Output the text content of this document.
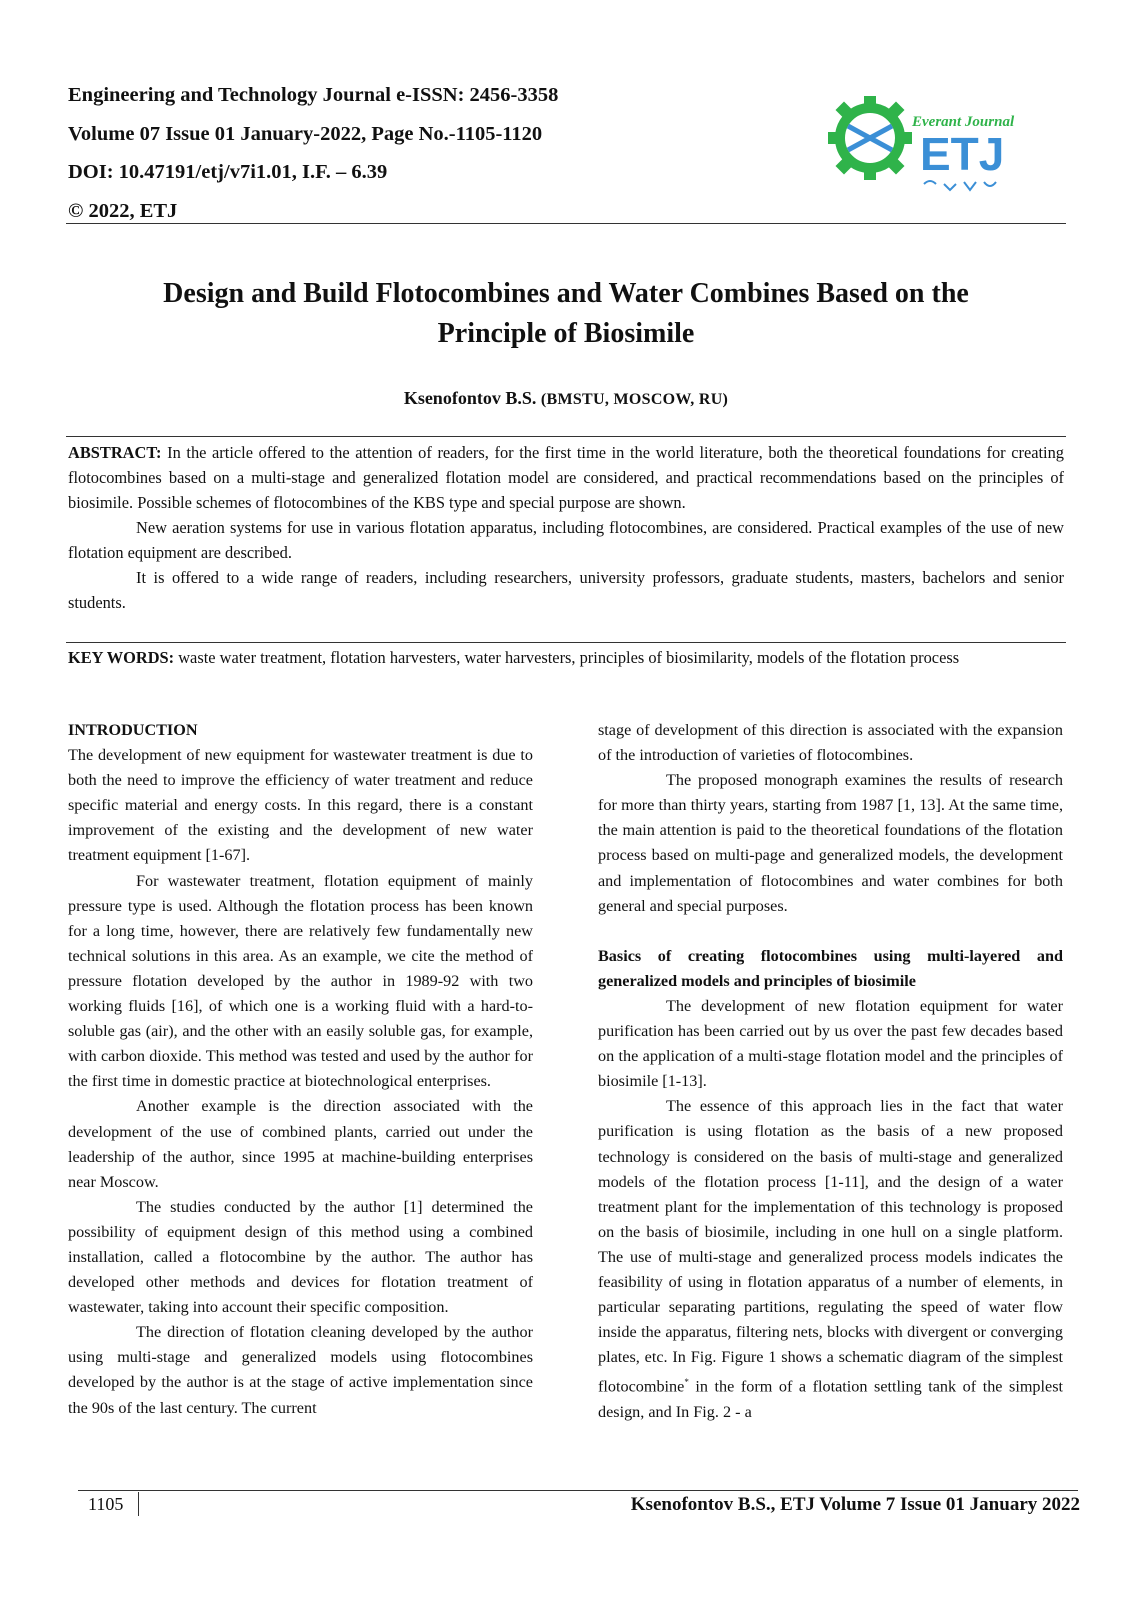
Engineering and Technology Journal e-ISSN: 2456-3358
Volume 07 Issue 01 January-2022, Page No.-1105-1120
DOI: 10.47191/etj/v7i1.01, I.F. – 6.39
© 2022, ETJ
Everant Journal
ETJ
Design and Build Flotocombines and Water Combines Based on the
Principle of Biosimile
Ksenofontov B.S. (BMSTU, MOSCOW, RU)

ABSTRACT: In the article offered to the attention of readers, for the first time in the world literature, both the theoretical foundations for creating flotocombines based on a multi-stage and generalized flotation model are considered, and practical recommendations based on the principles of biosimile. Possible schemes of flotocombines of the KBS type and special purpose are shown.

New aeration systems for use in various flotation apparatus, including flotocombines, are considered. Practical examples of the use of new flotation equipment are described.

It is offered to a wide range of readers, including researchers, university professors, graduate students, masters, bachelors and senior students.

KEY WORDS: waste water treatment, flotation harvesters, water harvesters, principles of biosimilarity, models of the flotation process

INTRODUCTION

The development of new equipment for wastewater treatment is due to both the need to improve the efficiency of water treatment and reduce specific material and energy costs. In this regard, there is a constant improvement of the existing and the development of new water treatment equipment [1-67].

For wastewater treatment, flotation equipment of mainly pressure type is used. Although the flotation process has been known for a long time, however, there are relatively few fundamentally new technical solutions in this area. As an example, we cite the method of pressure flotation developed by the author in 1989-92 with two working fluids [16], of which one is a working fluid with a hard-to-soluble gas (air), and the other with an easily soluble gas, for example, with carbon dioxide. This method was tested and used by the author for the first time in domestic practice at biotechnological enterprises.

Another example is the direction associated with the development of the use of combined plants, carried out under the leadership of the author, since 1995 at machine-building enterprises near Moscow.

The studies conducted by the author [1] determined the possibility of equipment design of this method using a combined installation, called a flotocombine by the author. The author has developed other methods and devices for flotation treatment of wastewater, taking into account their specific composition.

The direction of flotation cleaning developed by the author using multi-stage and generalized models using flotocombines developed by the author is at the stage of active implementation since the 90s of the last century. The current

stage of development of this direction is associated with the expansion of the introduction of varieties of flotocombines.

The proposed monograph examines the results of research for more than thirty years, starting from 1987 [1, 13]. At the same time, the main attention is paid to the theoretical foundations of the flotation process based on multi-page and generalized models, the development and implementation of flotocombines and water combines for both general and special purposes.

Basics of creating flotocombines using multi-layered and generalized models and principles of biosimile

The development of new flotation equipment for water purification has been carried out by us over the past few decades based on the application of a multi-stage flotation model and the principles of biosimile [1-13].

The essence of this approach lies in the fact that water purification is using flotation as the basis of a new proposed technology is considered on the basis of multi-stage and generalized models of the flotation process [1-11], and the design of a water treatment plant for the implementation of this technology is proposed on the basis of biosimile, including in one hull on a single platform. The use of multi-stage and generalized process models indicates the feasibility of using in flotation apparatus of a number of elements, in particular separating partitions, regulating the speed of water flow inside the apparatus, filtering nets, blocks with divergent or converging plates, etc. In Fig. Figure 1 shows a schematic diagram of the simplest flotocombine* in the form of a flotation settling tank of the simplest design, and In Fig. 2 - a

1105	Ksenofontov B.S., ETJ Volume 7 Issue 01 January 2022
